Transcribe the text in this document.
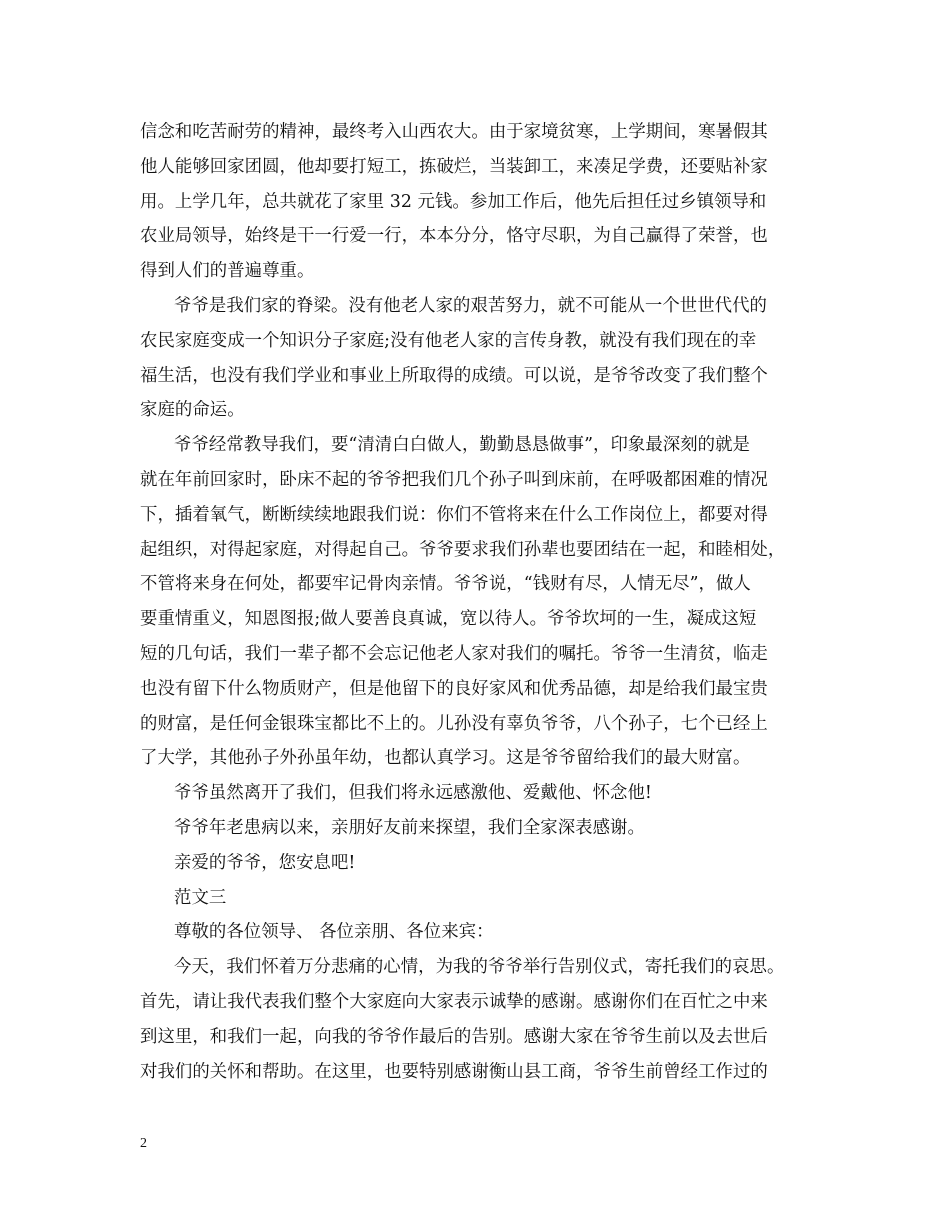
信念和吃苦耐劳的精神，最终考入山西农大。由于家境贫寒，上学期间，寒暑假其
他人能够回家团圆，他却要打短工，拣破烂，当装卸工，来凑足学费，还要贴补家
用。上学几年，总共就花了家里 32 元钱。参加工作后，他先后担任过乡镇领导和
农业局领导，始终是干一行爱一行，本本分分，恪守尽职，为自己赢得了荣誉，也
得到人们的普遍尊重。
爷爷是我们家的脊梁。没有他老人家的艰苦努力，就不可能从一个世世代代的
农民家庭变成一个知识分子家庭;没有他老人家的言传身教，就没有我们现在的幸
福生活，也没有我们学业和事业上所取得的成绩。可以说，是爷爷改变了我们整个
家庭的命运。
爷爷经常教导我们，要“清清白白做人，勤勤恳恳做事”，印象最深刻的就是
就在年前回家时，卧床不起的爷爷把我们几个孙子叫到床前，在呼吸都困难的情况
下，插着氧气，断断续续地跟我们说：你们不管将来在什么工作岗位上，都要对得
起组织，对得起家庭，对得起自己。爷爷要求我们孙辈也要团结在一起，和睦相处，
不管将来身在何处，都要牢记骨肉亲情。爷爷说，“钱财有尽，人情无尽”，做人
要重情重义，知恩图报;做人要善良真诚，宽以待人。爷爷坎坷的一生，凝成这短
短的几句话，我们一辈子都不会忘记他老人家对我们的嘱托。爷爷一生清贫，临走
也没有留下什么物质财产，但是他留下的良好家风和优秀品德，却是给我们最宝贵
的财富，是任何金银珠宝都比不上的。儿孙没有辜负爷爷，八个孙子，七个已经上
了大学，其他孙子外孙虽年幼，也都认真学习。这是爷爷留给我们的最大财富。
爷爷虽然离开了我们，但我们将永远感激他、爱戴他、怀念他!
爷爷年老患病以来，亲朋好友前来探望，我们全家深表感谢。
亲爱的爷爷，您安息吧!
范文三
尊敬的各位领导、 各位亲朋、各位来宾：
今天，我们怀着万分悲痛的心情，为我的爷爷举行告别仪式，寄托我们的哀思。
首先，请让我代表我们整个大家庭向大家表示诚挚的感谢。感谢你们在百忙之中来
到这里，和我们一起，向我的爷爷作最后的告别。感谢大家在爷爷生前以及去世后
对我们的关怀和帮助。在这里，也要特别感谢衡山县工商，爷爷生前曾经工作过的
2
